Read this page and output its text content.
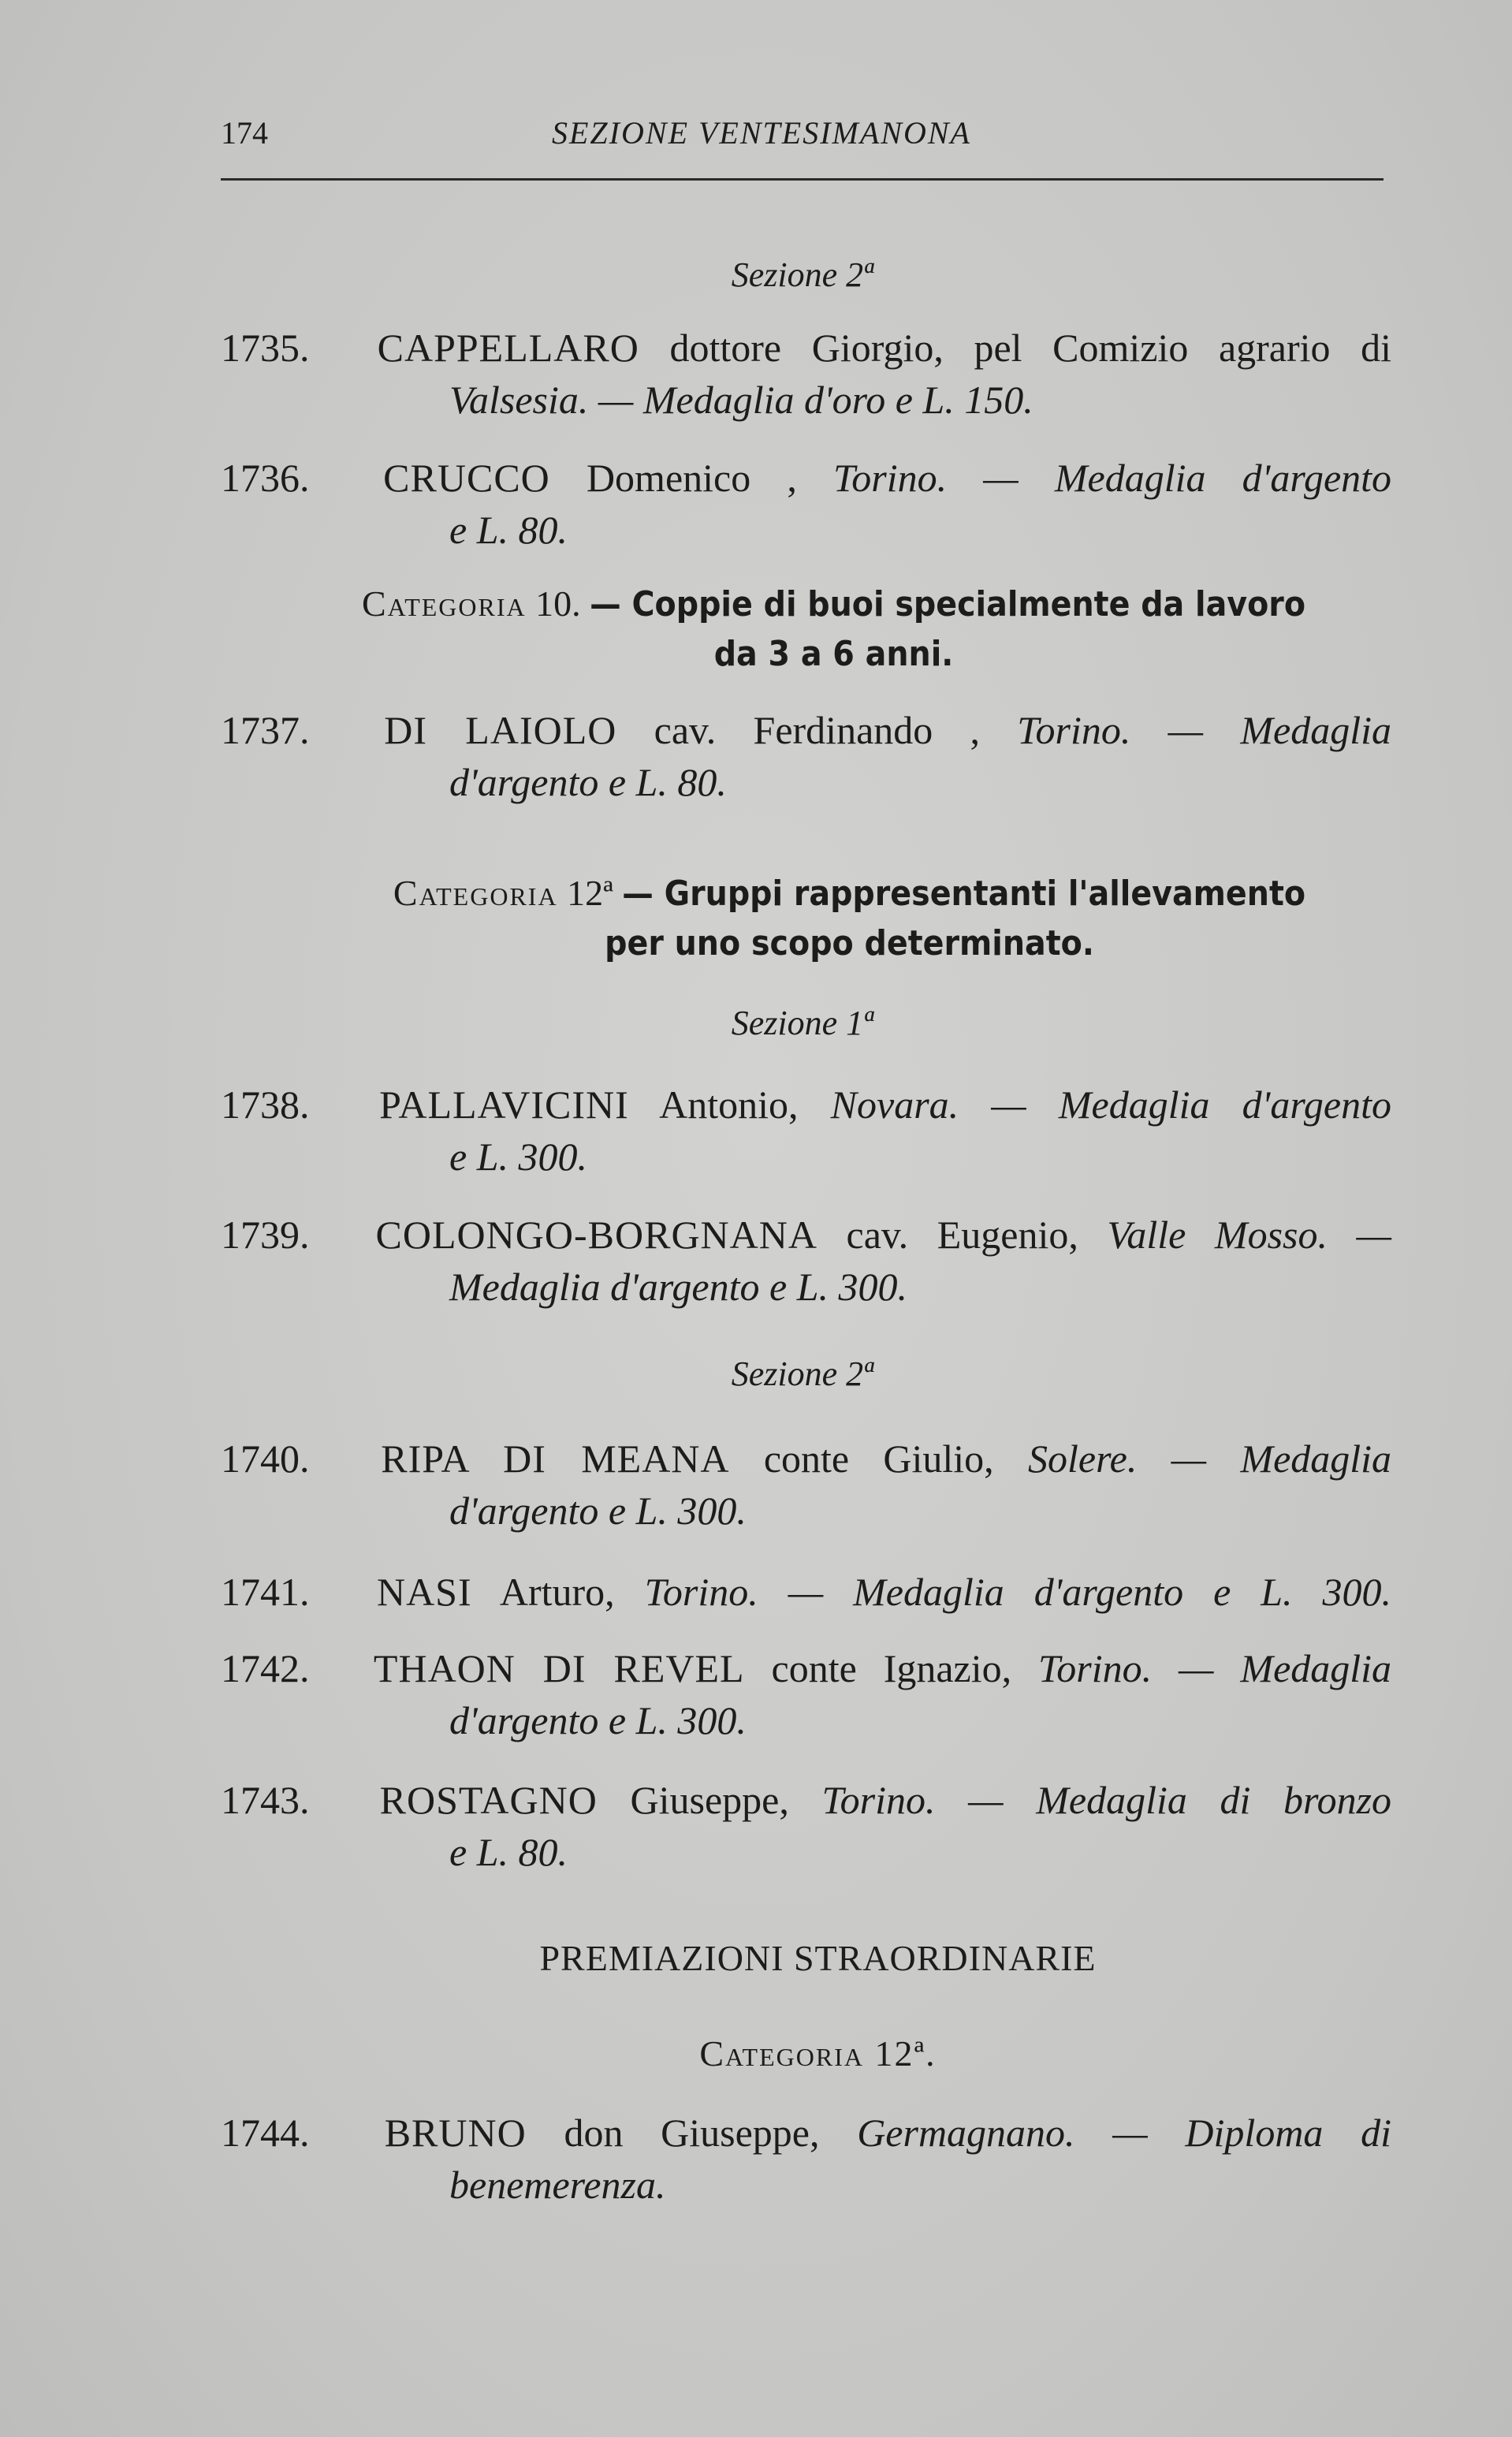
174	SEZIONE VENTESIMANONA
Sezione 2ª
1735. CAPPELLARO dottore Giorgio, pel Comizio agrario di
Valsesia. — Medaglia d'oro e L. 150.
1736. CRUCCO Domenico , Torino. — Medaglia d'argento
e L. 80.
Categoria 10. — Coppie di buoi specialmente da lavoro
da 3 a 6 anni.
1737. DI LAIOLO cav. Ferdinando , Torino. — Medaglia
d'argento e L. 80.
Categoria 12ª — Gruppi rappresentanti l'allevamento
per uno scopo determinato.
Sezione 1ª
1738. PALLAVICINI Antonio, Novara. — Medaglia d'argento
e L. 300.
1739. COLONGO-BORGNANA cav. Eugenio, Valle Mosso. —
Medaglia d'argento e L. 300.
Sezione 2ª
1740. RIPA DI MEANA conte Giulio, Solere. — Medaglia
d'argento e L. 300.
1741. NASI Arturo, Torino. — Medaglia d'argento e L. 300.
1742. THAON DI REVEL conte Ignazio, Torino. — Medaglia
d'argento e L. 300.
1743. ROSTAGNO Giuseppe, Torino. — Medaglia di bronzo
e L. 80.
PREMIAZIONI STRAORDINARIE
Categoria 12ª.
1744. BRUNO don Giuseppe, Germagnano. — Diploma di
benemerenza.
